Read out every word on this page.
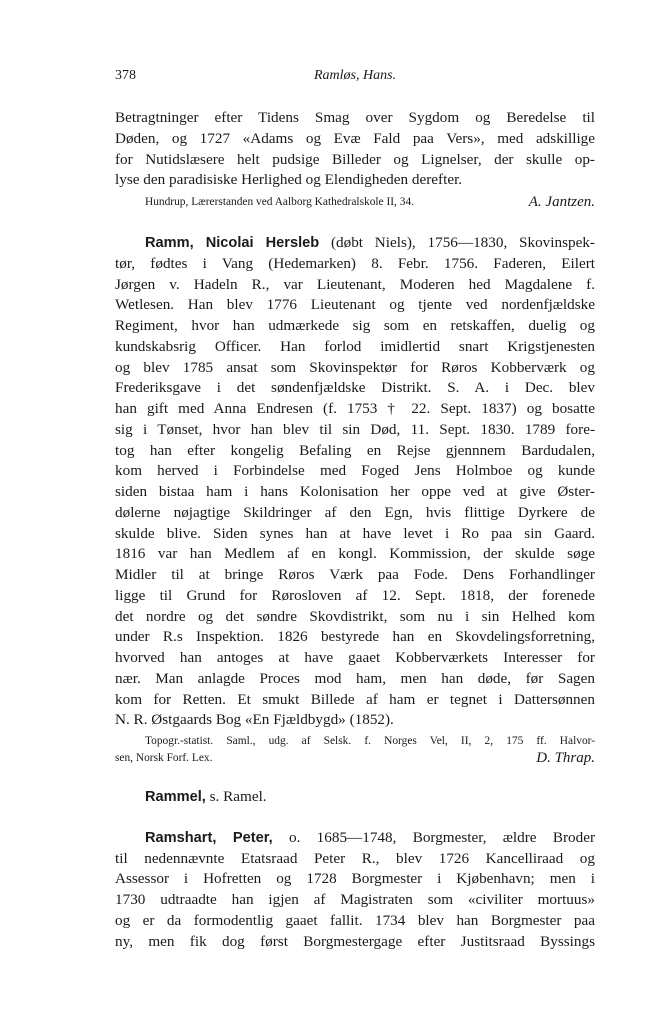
378	Ramløs, Hans.
Betragtninger efter Tidens Smag over Sygdom og Beredelse til
Døden, og 1727 «Adams og Evæ Fald paa Vers», med adskillige
for Nutidslæsere helt pudsige Billeder og Lignelser, der skulle op-
lyse den paradisiske Herlighed og Elendigheden derefter.
Hundrup, Lærerstanden ved Aalborg Kathedralskole II, 34.	A. Jantzen.
Ramm, Nicolai Hersleb (døbt Niels), 1756—1830, Skovinspek-
tør, fødtes i Vang (Hedemarken) 8. Febr. 1756. Faderen, Eilert
Jørgen v. Hadeln R., var Lieutenant, Moderen hed Magdalene f.
Wetlesen. Han blev 1776 Lieutenant og tjente ved nordenfjældske
Regiment, hvor han udmærkede sig som en retskaffen, duelig og
kundskabsrig Officer. Han forlod imidlertid snart Krigstjenesten
og blev 1785 ansat som Skovinspektør for Røros Kobberværk og
Frederiksgave i det søndenfjældske Distrikt. S. A. i Dec. blev
han gift med Anna Endresen (f. 1753 † 22. Sept. 1837) og bosatte
sig i Tønset, hvor han blev til sin Død, 11. Sept. 1830. 1789 fore-
tog han efter kongelig Befaling en Rejse gjennnem Bardudalen,
kom herved i Forbindelse med Foged Jens Holmboe og kunde
siden bistaa ham i hans Kolonisation her oppe ved at give Øster-
dølerne nøjagtige Skildringer af den Egn, hvis flittige Dyrkere de
skulde blive. Siden synes han at have levet i Ro paa sin Gaard.
1816 var han Medlem af en kongl. Kommission, der skulde søge
Midler til at bringe Røros Værk paa Fode. Dens Forhandlinger
ligge til Grund for Rørosloven af 12. Sept. 1818, der forenede
det nordre og det søndre Skovdistrikt, som nu i sin Helhed kom
under R.s Inspektion. 1826 bestyrede han en Skovdelingsforretning,
hvorved han antoges at have gaaet Kobberværkets Interesser for
nær. Man anlagde Proces mod ham, men han døde, før Sagen
kom for Retten. Et smukt Billede af ham er tegnet i Dattersønnen
N. R. Østgaards Bog «En Fjældbygd» (1852).
Topogr.-statist. Saml., udg. af Selsk. f. Norges Vel, II, 2, 175 ff. Halvor-
sen, Norsk Forf. Lex.	D. Thrap.
Rammel, s. Ramel.
Ramshart, Peter, o. 1685—1748, Borgmester, ældre Broder
til nedennævnte Etatsraad Peter R., blev 1726 Kancelliraad og
Assessor i Hofretten og 1728 Borgmester i Kjøbenhavn; men i
1730 udtraadte han igjen af Magistraten som «civiliter mortuus»
og er da formodentlig gaaet fallit. 1734 blev han Borgmester paa
ny, men fik dog først Borgmestergage efter Justitsraad Byssings
